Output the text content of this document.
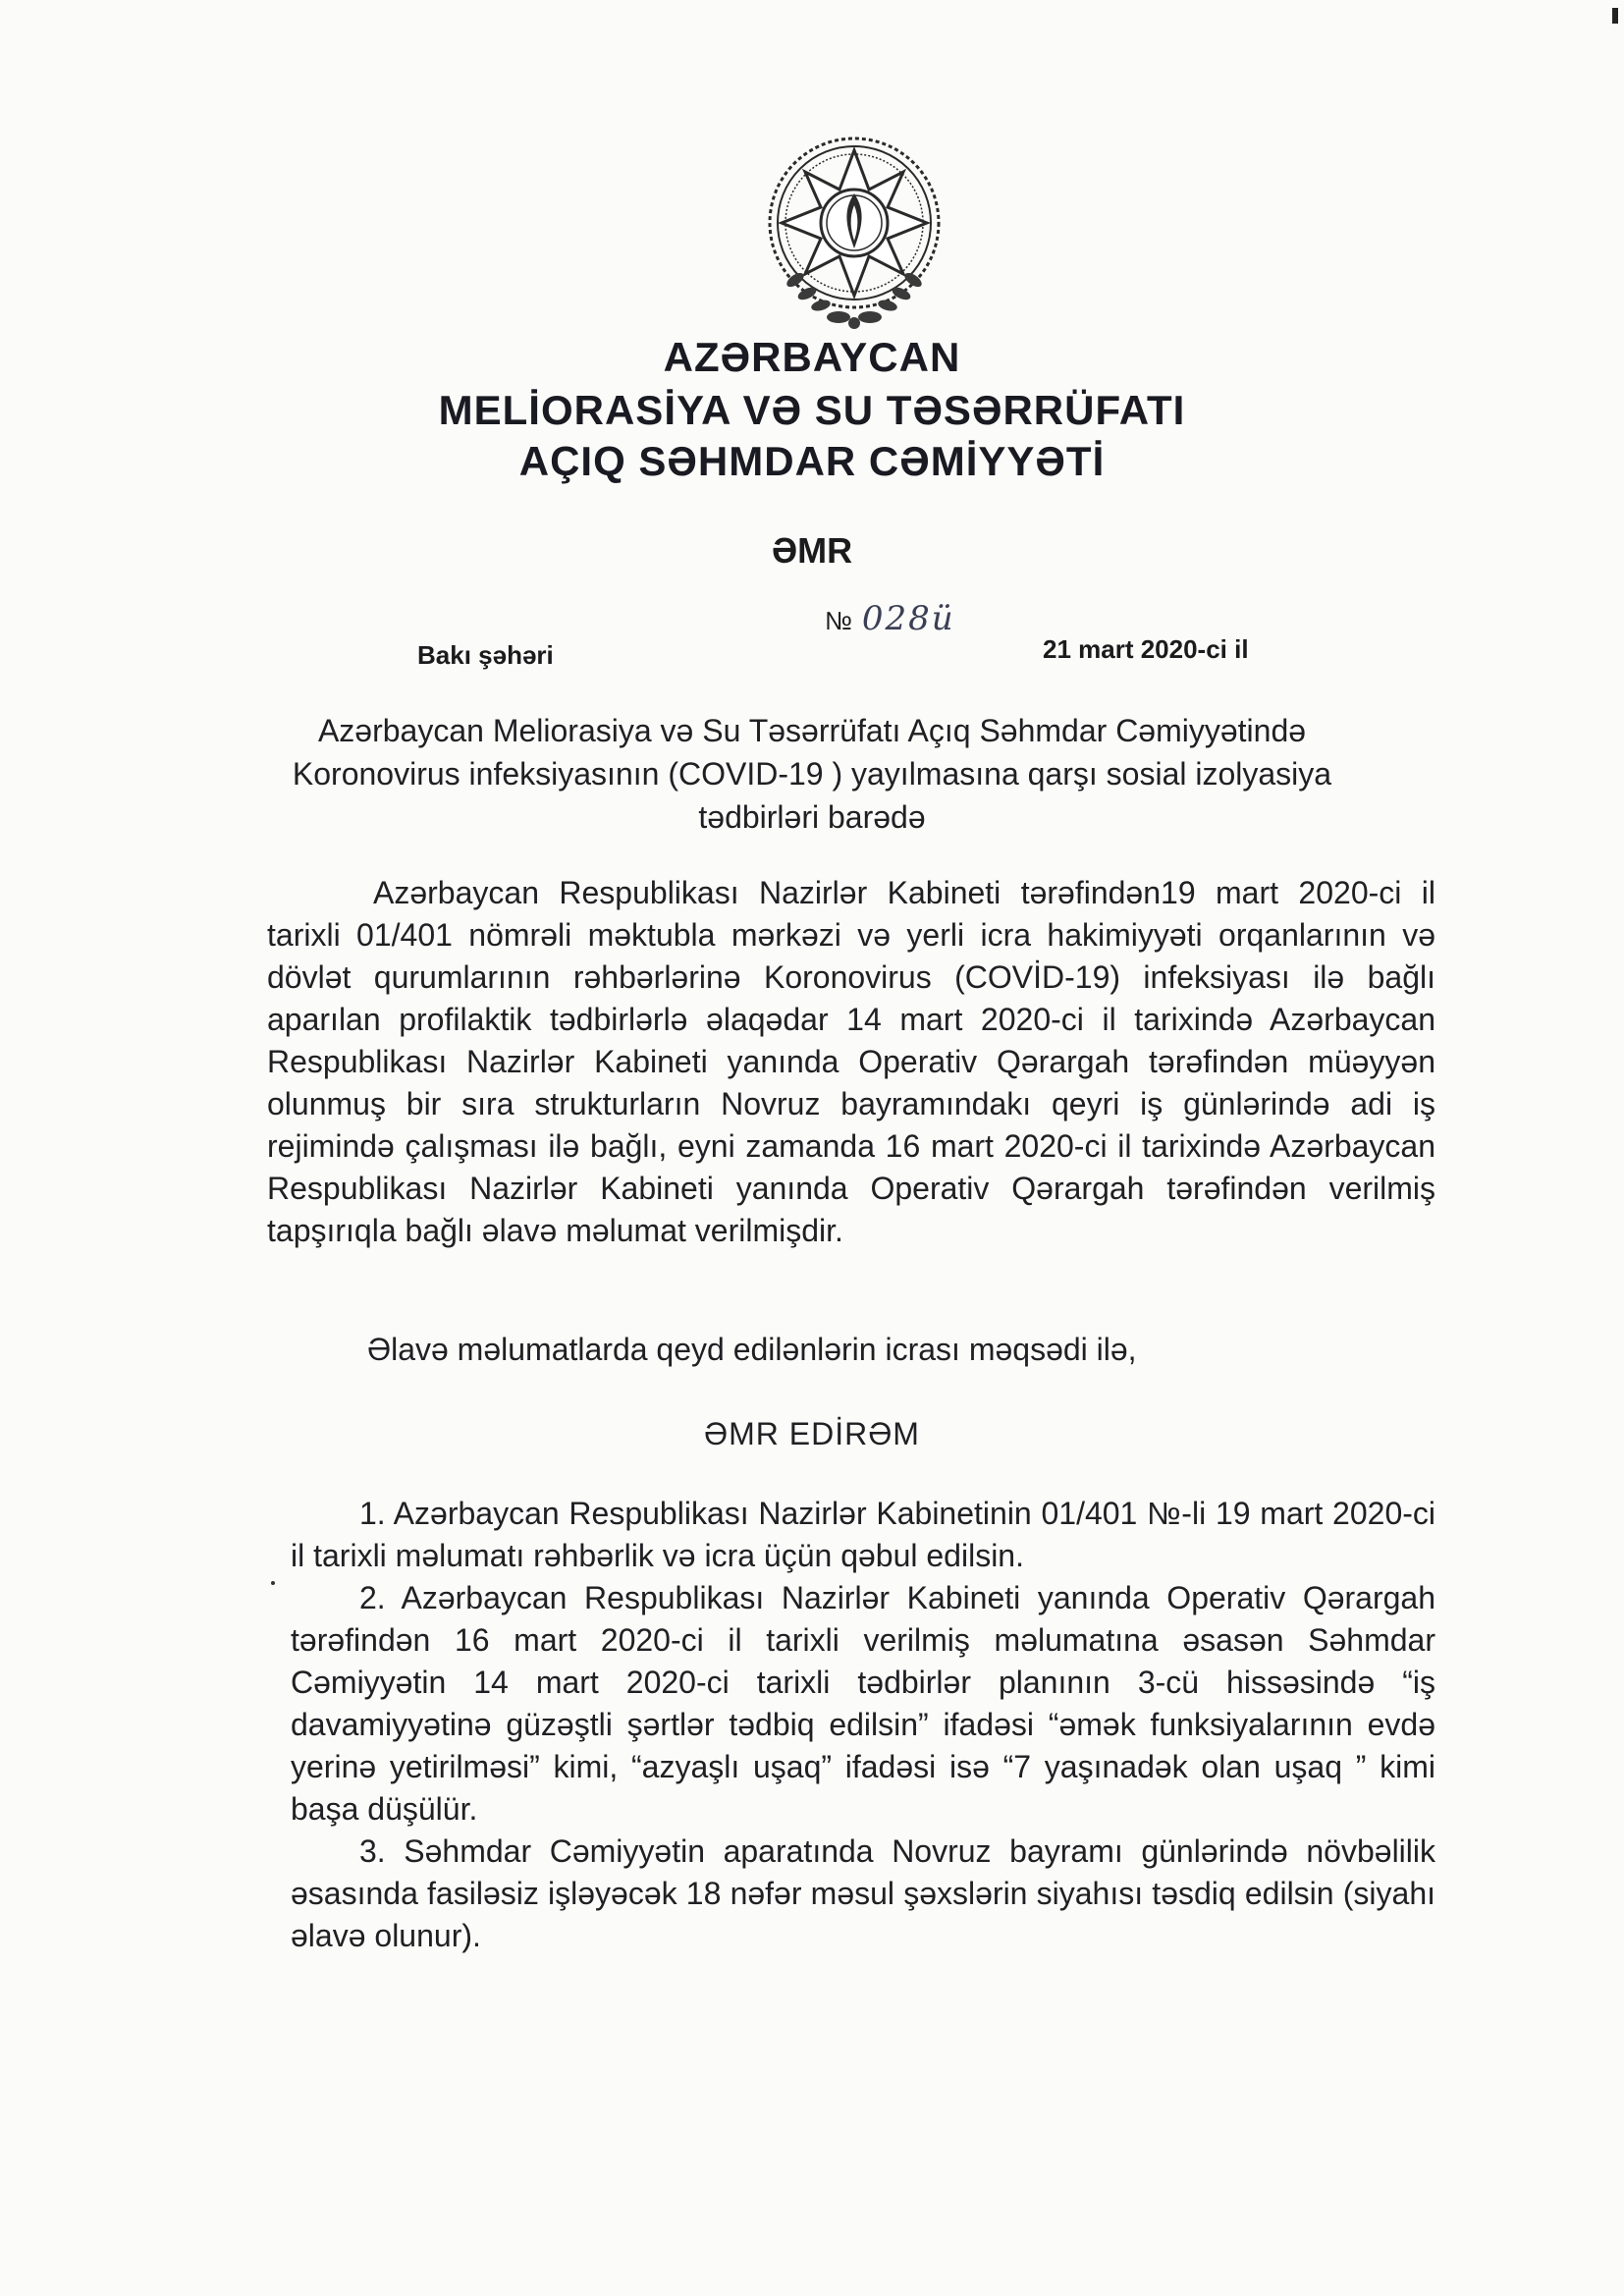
AZƏRBAYCAN
MELİORASİYA VƏ SU TƏSƏRRÜFATI
AÇIQ SƏHMDAR CƏMİYYƏTİ
ƏMR
№ 028ü
Bakı şəhəri	21 mart 2020-ci il
Azərbaycan Meliorasiya və Su Təsərrüfatı Açıq Səhmdar Cəmiyyətində Koronovirus infeksiyasının (COVID-19 ) yayılmasına qarşı sosial izolyasiya tədbirləri barədə
Azərbaycan Respublikası Nazirlər Kabineti tərəfindən19 mart 2020-ci il tarixli 01/401 nömrəli məktubla mərkəzi və yerli icra hakimiyyəti orqanlarının və dövlət qurumlarının rəhbərlərinə Koronovirus (COVİD-19) infeksiyası ilə bağlı aparılan profilaktik tədbirlərlə əlaqədar 14 mart 2020-ci il tarixində Azərbaycan Respublikası Nazirlər Kabineti yanında Operativ Qərargah tərəfindən müəyyən olunmuş bir sıra strukturların Novruz bayramındakı qeyri iş günlərində adi iş rejimində çalışması ilə bağlı, eyni zamanda 16 mart 2020-ci il tarixində Azərbaycan Respublikası Nazirlər Kabineti yanında Operativ Qərargah tərəfindən verilmiş tapşırıqla bağlı əlavə məlumat verilmişdir.
Əlavə məlumatlarda qeyd edilənlərin icrası məqsədi ilə,
ƏMR EDİRƏM

1. Azərbaycan Respublikası Nazirlər Kabinetinin 01/401 №-li 19 mart 2020-ci il tarixli məlumatı rəhbərlik və icra üçün qəbul edilsin.

2. Azərbaycan Respublikası Nazirlər Kabineti yanında Operativ Qərargah tərəfindən 16 mart 2020-ci il tarixli verilmiş məlumatına əsasən Səhmdar Cəmiyyətin 14 mart 2020-ci tarixli tədbirlər planının 3-cü hissəsində “iş davamiyyətinə güzəştli şərtlər tədbiq edilsin” ifadəsi “əmək funksiyalarının evdə yerinə yetirilməsi” kimi, “azyaşlı uşaq” ifadəsi isə “7 yaşınadək olan uşaq ” kimi başa düşülür.

3. Səhmdar Cəmiyyətin aparatında Novruz bayramı günlərində növbəlilik əsasında fasiləsiz işləyəcək 18 nəfər məsul şəxslərin siyahısı təsdiq edilsin (siyahı əlavə olunur).
